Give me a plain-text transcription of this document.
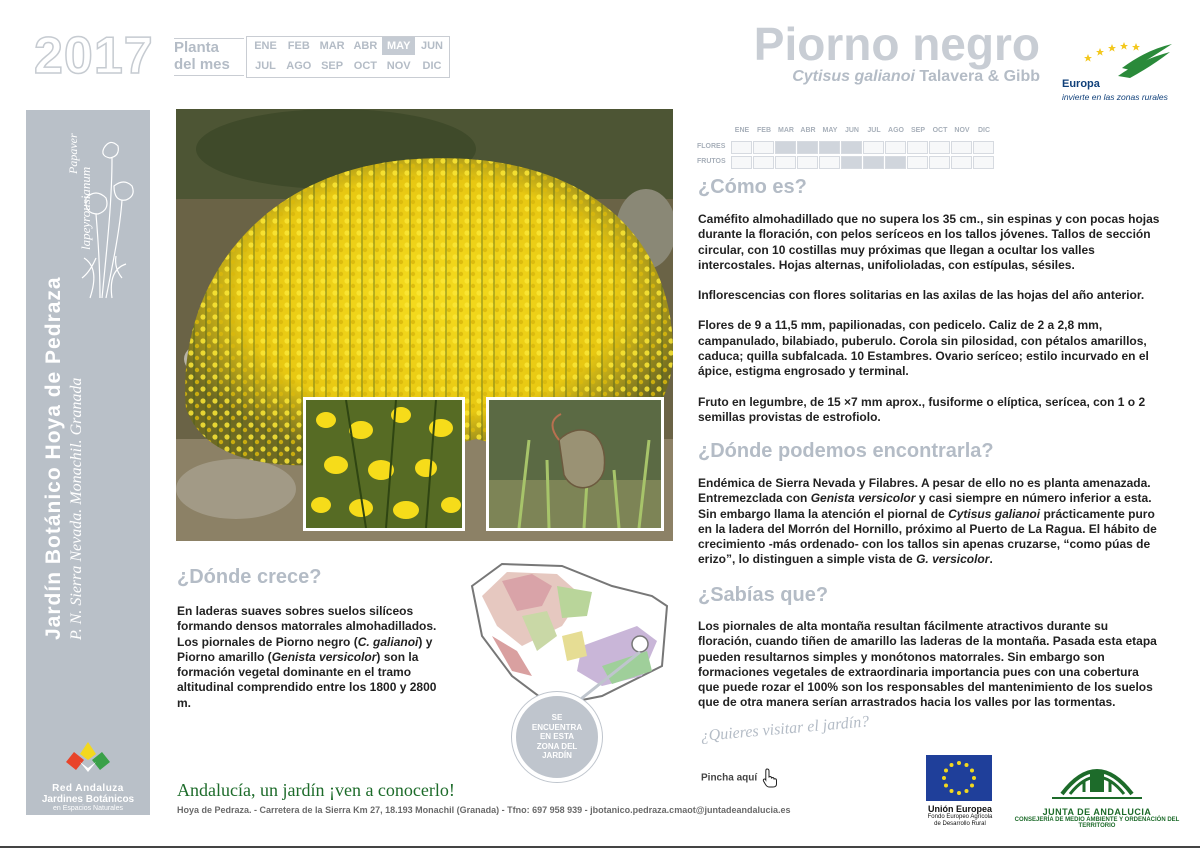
2017 Planta
del mes
ENE FEB MAR ABR MAY JUN
JUL AGO SEP OCT NOV	DIC	Piorno negro
Cytisus galianoi Talavera & Gibb Europa
invierte en las zonas rurales
lapeyrousianum
Papaver
Jardín Botánico Hoya de Pedraza P. N. Sierra Nevada. Monachil. Granada
Red Andaluza
Jardines Botánicos
en Espacios Naturales
ENE	FEB	MAR ABR MAY	JUN	JUL	AGO	SEP	OCT	NOV	DIC
FLORES
FRUTOS
¿Cómo es?

Caméfito almohadillado que no supera los 35 cm., sin espinas y con pocas hojas durante la floración, con pelos seríceos en los tallos jóvenes. Tallos de sección circular, con 10 costillas muy próximas que llegan a ocultar los valles intercostales. Hojas alternas, unifolioladas, con estípulas, sésiles.

Inflorescencias con flores solitarias en las axilas de las hojas del año anterior.

Flores de 9 a 11,5 mm, papilionadas, con pedicelo. Caliz de 2 a 2,8 mm, campanulado, bilabiado, puberulo. Corola sin pilosidad, con pétalos amarillos, caduca; quilla subfalcada. 10 Estambres. Ovario seríceo; estilo incurvado en el ápice, estigma engrosado y terminal.

Fruto en legumbre, de 15 ×7 mm aprox., fusiforme o elíptica, serícea, con 1 o 2 semillas provistas de estrofiolo.

¿Dónde podemos encontrarla?
Endémica de Sierra Nevada y Filabres. A pesar de ello no es planta amenazada. Entremezclada con Genista versicolor y casi siempre en número inferior a esta. Sin embargo llama la atención el piornal de Cytisus galianoi prácticamente puro en la ladera del Morrón del Hornillo, próximo al Puerto de La Ragua. El hábito de crecimiento -más ordenado- con los tallos sin apenas cruzarse, “como púas de erizo”, lo distinguen a simple vista de G. versicolor.
¿Sabías que?
Los piornales de alta montaña resultan fácilmente atractivos durante su floración, cuando tiñen de amarillo las laderas de la montaña. Pasada esta etapa pueden resultarnos simples y monótonos matorrales. Sin embargo son formaciones vegetales de extraordinaria importancia pues con una cobertura que puede rozar el 100% son los responsables del mantenimiento de los suelos que de otra manera serían arrastrados hacia los valles por las tormentas.
¿Dónde crece?
En laderas suaves sobres suelos silíceos formando densos matorrales almohadillados. Los piornales de Piorno negro (C. galianoi) y Piorno amarillo (Genista versicolor) son la formación vegetal dominante en el tramo altitudinal comprendido entre los 1800 y 2800 m.
SE
ENCUENTRA
EN ESTA
ZONA DEL
JARDÍN
¿Quieres visitar el jardín?
Pincha aquí
Andalucía, un jardín ¡ven a conocerlo!
Hoya de Pedraza. - Carretera de la Sierra Km 27, 18.193 Monachil (Granada) - Tfno: 697 958 939 - jbotanico.pedraza.cmaot@juntadeandalucia.es	Unión Europea
Fondo Europeo Agrícola
de Desarrollo Rural
JUNTA DE ANDALUCIA
CONSEJERÍA DE MEDIO AMBIENTE Y ORDENACIÓN DEL TERRITORIO
